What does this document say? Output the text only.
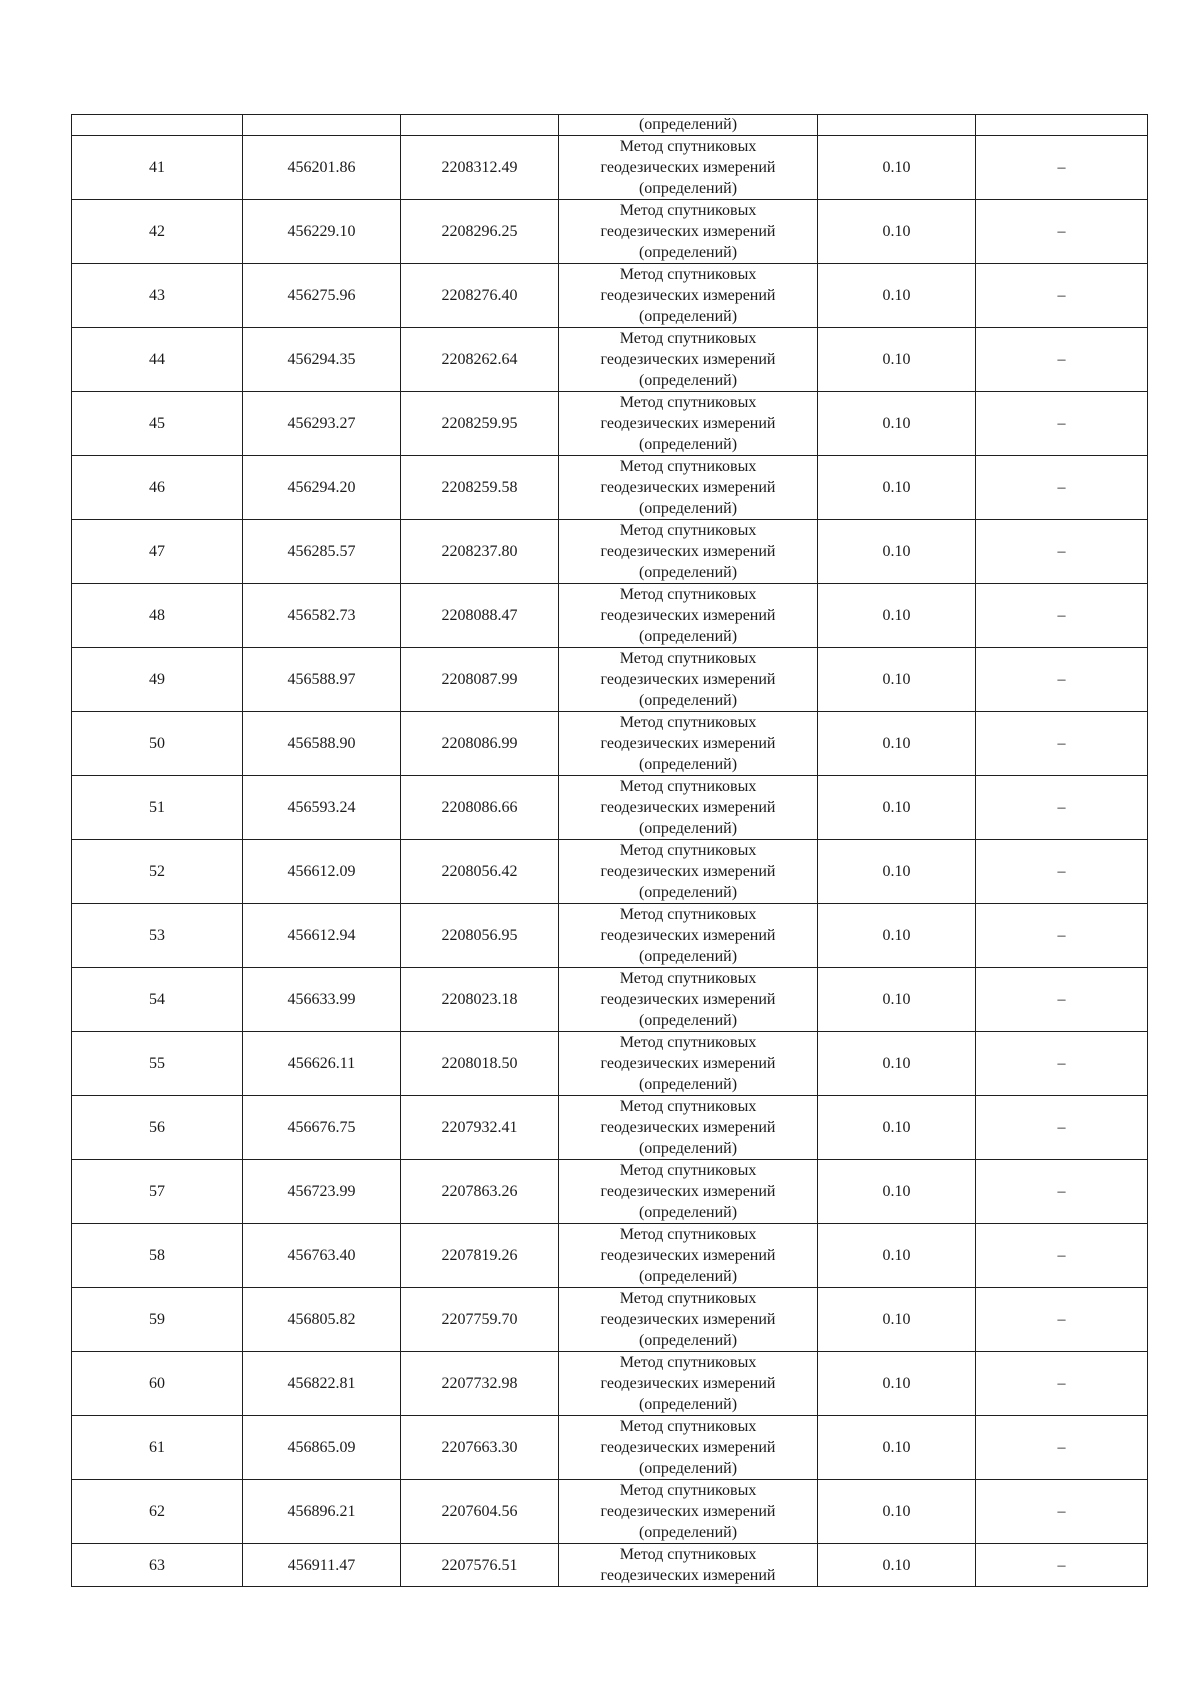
			(определений)		
41	456201.86	2208312.49	Метод спутниковых
геодезических измерений
(определений)	0.10	–
42	456229.10	2208296.25	Метод спутниковых
геодезических измерений
(определений)	0.10	–
43	456275.96	2208276.40	Метод спутниковых
геодезических измерений
(определений)	0.10	–
44	456294.35	2208262.64	Метод спутниковых
геодезических измерений
(определений)	0.10	–
45	456293.27	2208259.95	Метод спутниковых
геодезических измерений
(определений)	0.10	–
46	456294.20	2208259.58	Метод спутниковых
геодезических измерений
(определений)	0.10	–
47	456285.57	2208237.80	Метод спутниковых
геодезических измерений
(определений)	0.10	–
48	456582.73	2208088.47	Метод спутниковых
геодезических измерений
(определений)	0.10	–
49	456588.97	2208087.99	Метод спутниковых
геодезических измерений
(определений)	0.10	–
50	456588.90	2208086.99	Метод спутниковых
геодезических измерений
(определений)	0.10	–
51	456593.24	2208086.66	Метод спутниковых
геодезических измерений
(определений)	0.10	–
52	456612.09	2208056.42	Метод спутниковых
геодезических измерений
(определений)	0.10	–
53	456612.94	2208056.95	Метод спутниковых
геодезических измерений
(определений)	0.10	–
54	456633.99	2208023.18	Метод спутниковых
геодезических измерений
(определений)	0.10	–
55	456626.11	2208018.50	Метод спутниковых
геодезических измерений
(определений)	0.10	–
56	456676.75	2207932.41	Метод спутниковых
геодезических измерений
(определений)	0.10	–
57	456723.99	2207863.26	Метод спутниковых
геодезических измерений
(определений)	0.10	–
58	456763.40	2207819.26	Метод спутниковых
геодезических измерений
(определений)	0.10	–
59	456805.82	2207759.70	Метод спутниковых
геодезических измерений
(определений)	0.10	–
60	456822.81	2207732.98	Метод спутниковых
геодезических измерений
(определений)	0.10	–
61	456865.09	2207663.30	Метод спутниковых
геодезических измерений
(определений)	0.10	–
62	456896.21	2207604.56	Метод спутниковых
геодезических измерений
(определений)	0.10	–
63	456911.47	2207576.51	Метод спутниковых
геодезических измерений	0.10	–
